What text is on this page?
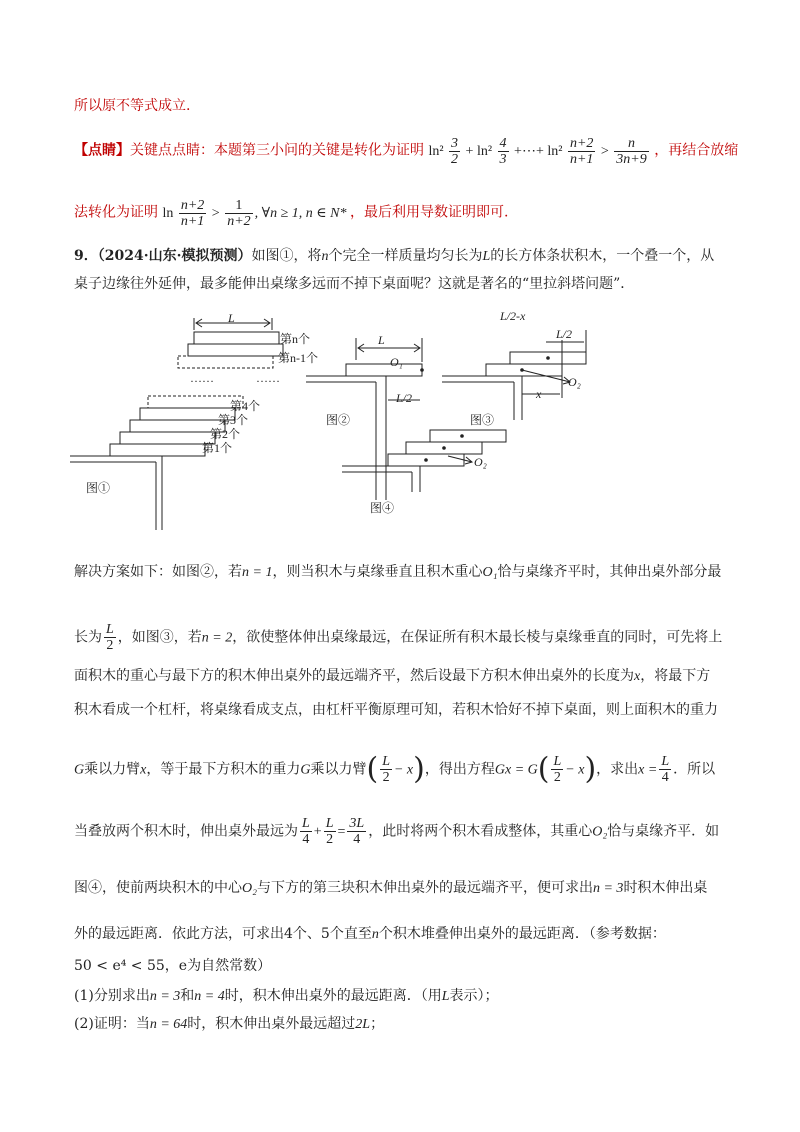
所以原不等式成立.
【点睛】关键点点睛：本题第三小问的关键是转化为证明 $\ln^2 \frac{3}{2} + \ln^2 \frac{4}{3}$ +⋯+ $\ln^2 \frac{n+2}{n+1} > \frac{n}{3n+9}$ ，再结合放缩
法转化为证明 $\ln \frac{n+2}{n+1} > \frac{1}{n+2}$ , ∀n ≥ 1, n ∈ N* ，最后利用导数证明即可.
9．（2024·山东·模拟预测）如图①，将n个完全一样质量均匀长为L的长方体条状积木，一个叠一个，从
桌子边缘往外延伸，最多能伸出桌缘多远而不掉下桌面呢？这就是著名的“里拉斜塔问题”．
图①
图②	图③
图④
L
第n个
第n-1个
……	……
第4个
第3个
第2个
第1个
L
O₁
L/2
L/2-x
L/2
O₂
x
O₂
解决方案如下：如图②，若n = 1，则当积木与桌缘垂直且积木重心O₁恰与桌缘齐平时，其伸出桌外部分最
长为 $\frac{L}{2}$ ，如图③，若n = 2，欲使整体伸出桌缘最远，在保证所有积木最长棱与桌缘垂直的同时，可先将上
面积木的重心与最下方的积木伸出桌外的最远端齐平，然后设最下方积木伸出桌外的长度为x，将最下方
积木看成一个杠杆，将桌缘看成支点，由杠杆平衡原理可知，若积木恰好不掉下桌面，则上面积木的重力
G乘以力臂x，等于最下方积木的重力G乘以力臂( $\frac{L}{2} - x$)，得出方程$Gx = G( \frac{L}{2} - x)$，求出$x = \frac{L}{4}$ ．所以
当叠放两个积木时，伸出桌外最远为 $\frac{L}{4} + \frac{L}{2} = \frac{3L}{4}$ ，此时将两个积木看成整体，其重心O₂恰与桌缘齐平．如
图④，使前两块积木的中心O₂与下方的第三块积木伸出桌外的最远端齐平，便可求出n = 3时积木伸出桌
外的最远距离．依此方法，可求出4个、5个直至n个积木堆叠伸出桌外的最远距离．（参考数据：
50 < e⁴ < 55，e为自然常数）
(1)分别求出n = 3和n = 4时，积木伸出桌外的最远距离．（用L表示）；
(2)证明：当n = 64时，积木伸出桌外最远超过2L；
